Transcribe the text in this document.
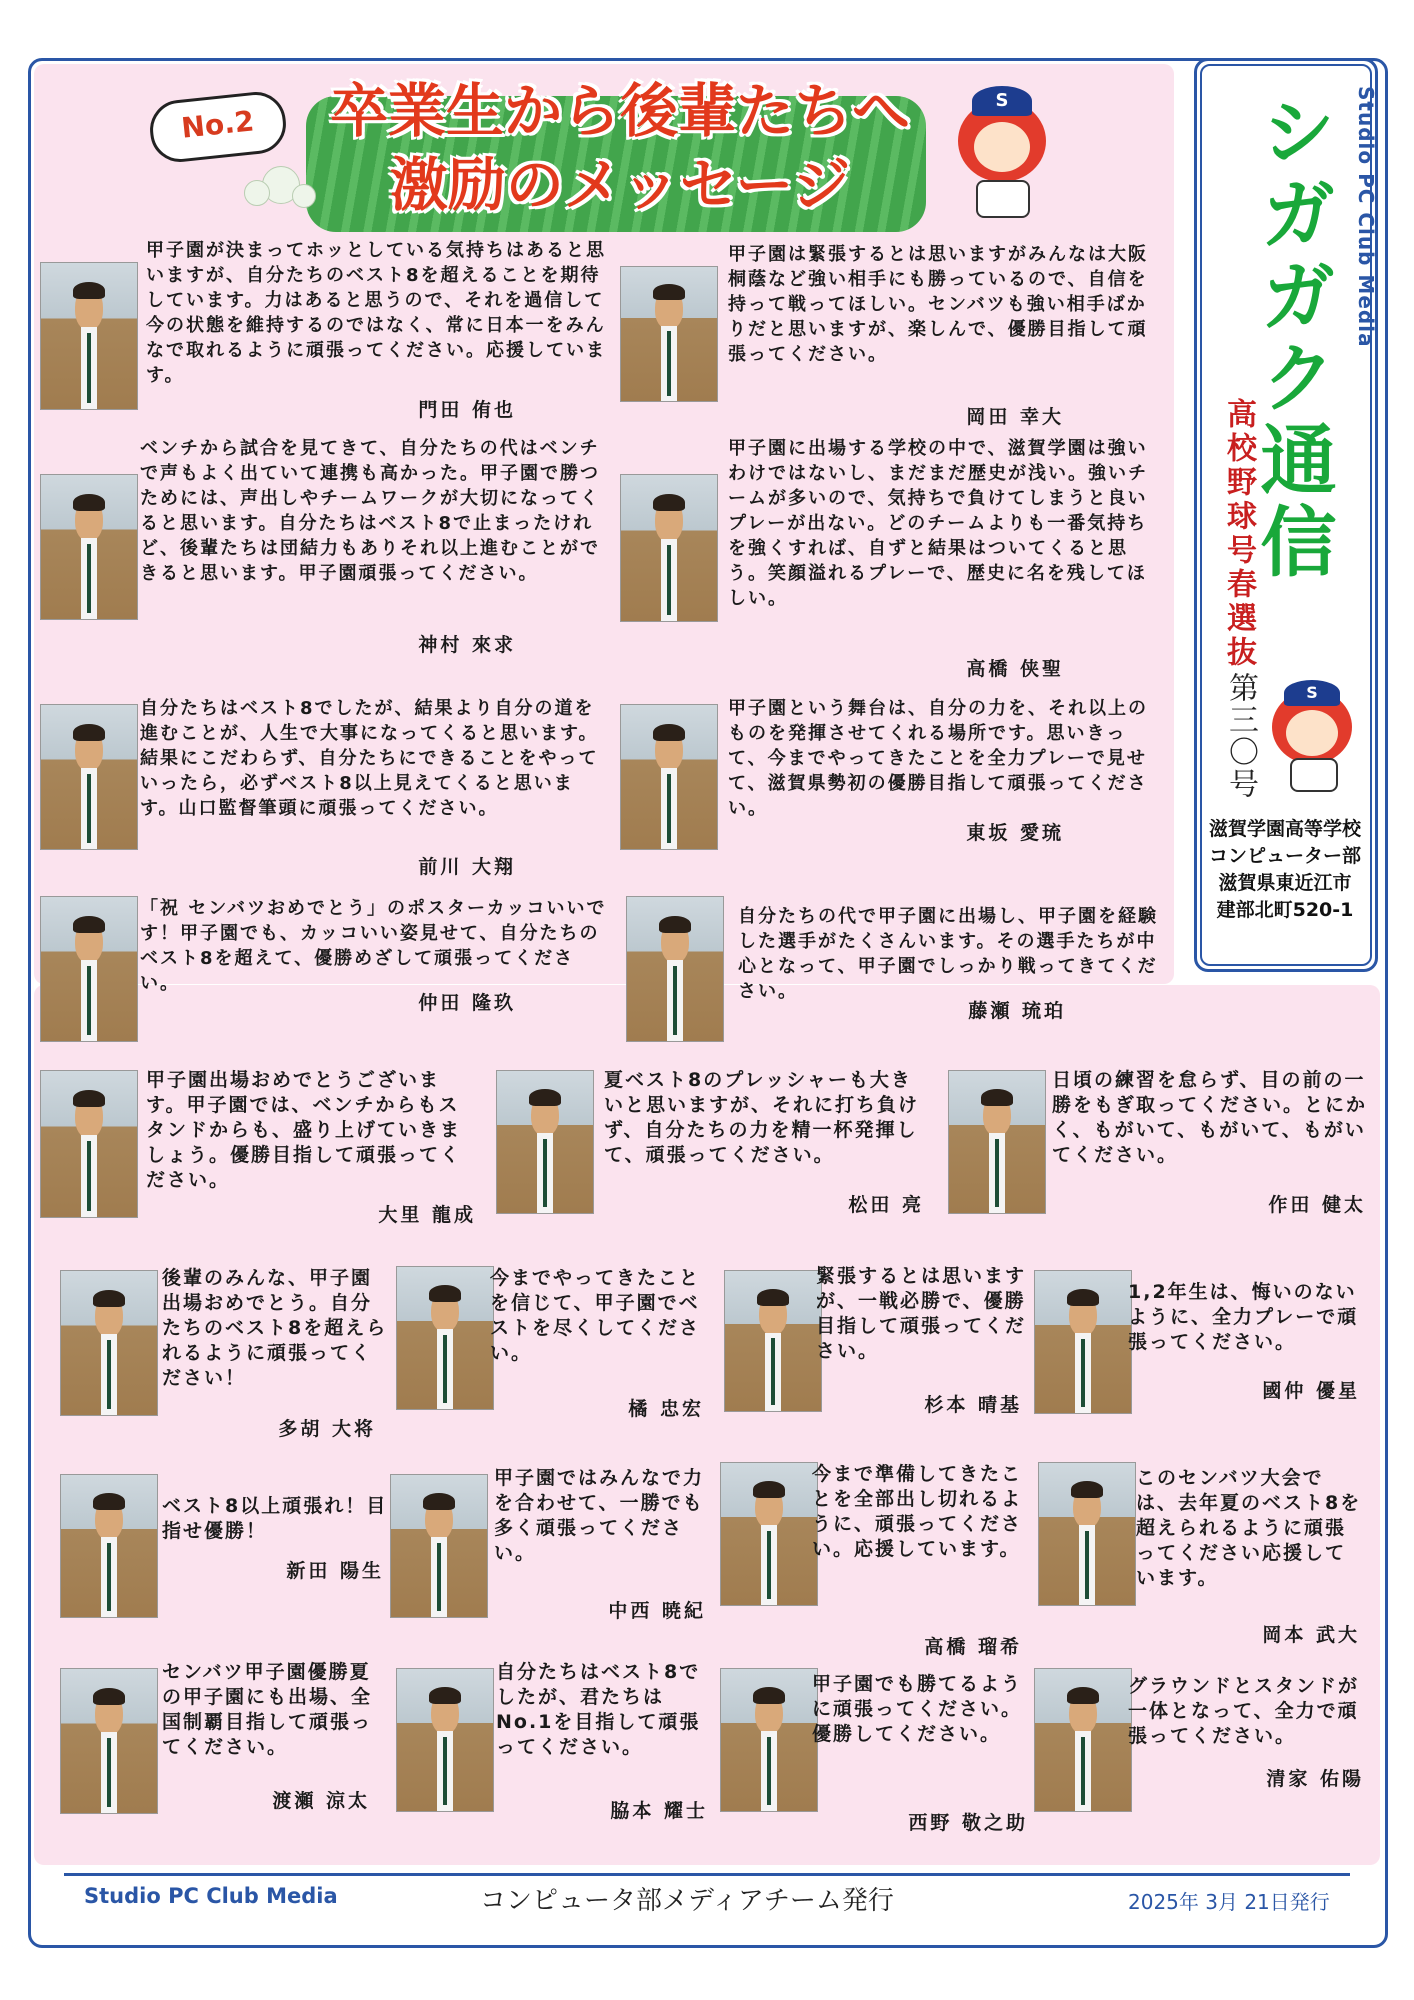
Studio PC Club Media
シガガク通信
高校野球号春選抜
第三〇号	S
滋賀学園高等学校
コンピューター部
滋賀県東近江市
建部北町520-1
No.2	卒業生から後輩たちへ
激励のメッセージ
S
甲子園が決まってホッとしている気持ちはあると思いますが、自分たちのベスト8を超えることを期待しています。力はあると思うので、それを過信して今の状態を維持するのではなく、常に日本一をみんなで取れるように頑張ってください。応援しています。
門田 侑也
甲子園は緊張するとは思いますがみんなは大阪桐蔭など強い相手にも勝っているので、自信を持って戦ってほしい。センバツも強い相手ばかりだと思いますが、楽しんで、優勝目指して頑張ってください。
岡田 幸大
ベンチから試合を見てきて、自分たちの代はベンチで声もよく出ていて連携も高かった。甲子園で勝つためには、声出しやチームワークが大切になってくると思います。自分たちはベスト8で止まったけれど、後輩たちは団結力もありそれ以上進むことができると思います。甲子園頑張ってください。
神村 來求
甲子園に出場する学校の中で、滋賀学園は強いわけではないし、まだまだ歴史が浅い。強いチームが多いので、気持ちで負けてしまうと良いプレーが出ない。どのチームよりも一番気持ちを強くすれば、自ずと結果はついてくると思う。笑顔溢れるプレーで、歴史に名を残してほしい。
高橋 侠聖
自分たちはベスト8でしたが、結果より自分の道を進むことが、人生で大事になってくると思います。結果にこだわらず、自分たちにできることをやっていったら，必ずベスト8以上見えてくると思います。山口監督筆頭に頑張ってください。
前川 大翔
甲子園という舞台は、自分の力を、それ以上のものを発揮させてくれる場所です。思いきって、今までやってきたことを全力プレーで見せて、滋賀県勢初の優勝目指して頑張ってください。
東坂 愛琉
「祝 センバツおめでとう」のポスターカッコいいです！甲子園でも、カッコいい姿見せて、自分たちのベスト8を超えて、優勝めざして頑張ってください。
仲田 隆玖
自分たちの代で甲子園に出場し、甲子園を経験した選手がたくさんいます。その選手たちが中心となって、甲子園でしっかり戦ってきてください。
藤瀬 琉珀
甲子園出場おめでとうございます。甲子園では、ベンチからもスタンドからも、盛り上げていきましょう。優勝目指して頑張ってください。
大里 龍成
夏ベスト8のプレッシャーも大きいと思いますが、それに打ち負けず、自分たちの力を精一杯発揮して、頑張ってください。
松田 亮
日頃の練習を怠らず、目の前の一勝をもぎ取ってください。とにかく、もがいて、もがいて、もがいてください。
作田 健太
後輩のみんな、甲子園出場おめでとう。自分たちのベスト8を超えられるように頑張ってください！
多胡 大将
今までやってきたことを信じて、甲子園でベストを尽くしてください。
橘 忠宏
緊張するとは思いますが、一戦必勝で、優勝目指して頑張ってください。
杉本 晴基
1,2年生は、悔いのないように、全力プレーで頑張ってください。
國仲 優星
ベスト8以上頑張れ！目指せ優勝！
新田 陽生
甲子園ではみんなで力を合わせて、一勝でも多く頑張ってください。
中西 暁紀
今まで準備してきたことを全部出し切れるように、頑張ってください。応援しています。
高橋 瑠希
このセンバツ大会では、去年夏のベスト8を超えられるように頑張ってください応援しています。
岡本 武大
センバツ甲子園優勝夏の甲子園にも出場、全国制覇目指して頑張ってください。
渡瀬 涼太
自分たちはベスト8でしたが、君たちはNo.1を目指して頑張ってください。
脇本 耀士
甲子園でも勝てるように頑張ってください。優勝してください。
西野 敬之助
グラウンドとスタンドが一体となって、全力で頑張ってください。
清家 佑陽
Studio PC Club Media	コンピュータ部メディアチーム発行	2025年 3月 21日発行
